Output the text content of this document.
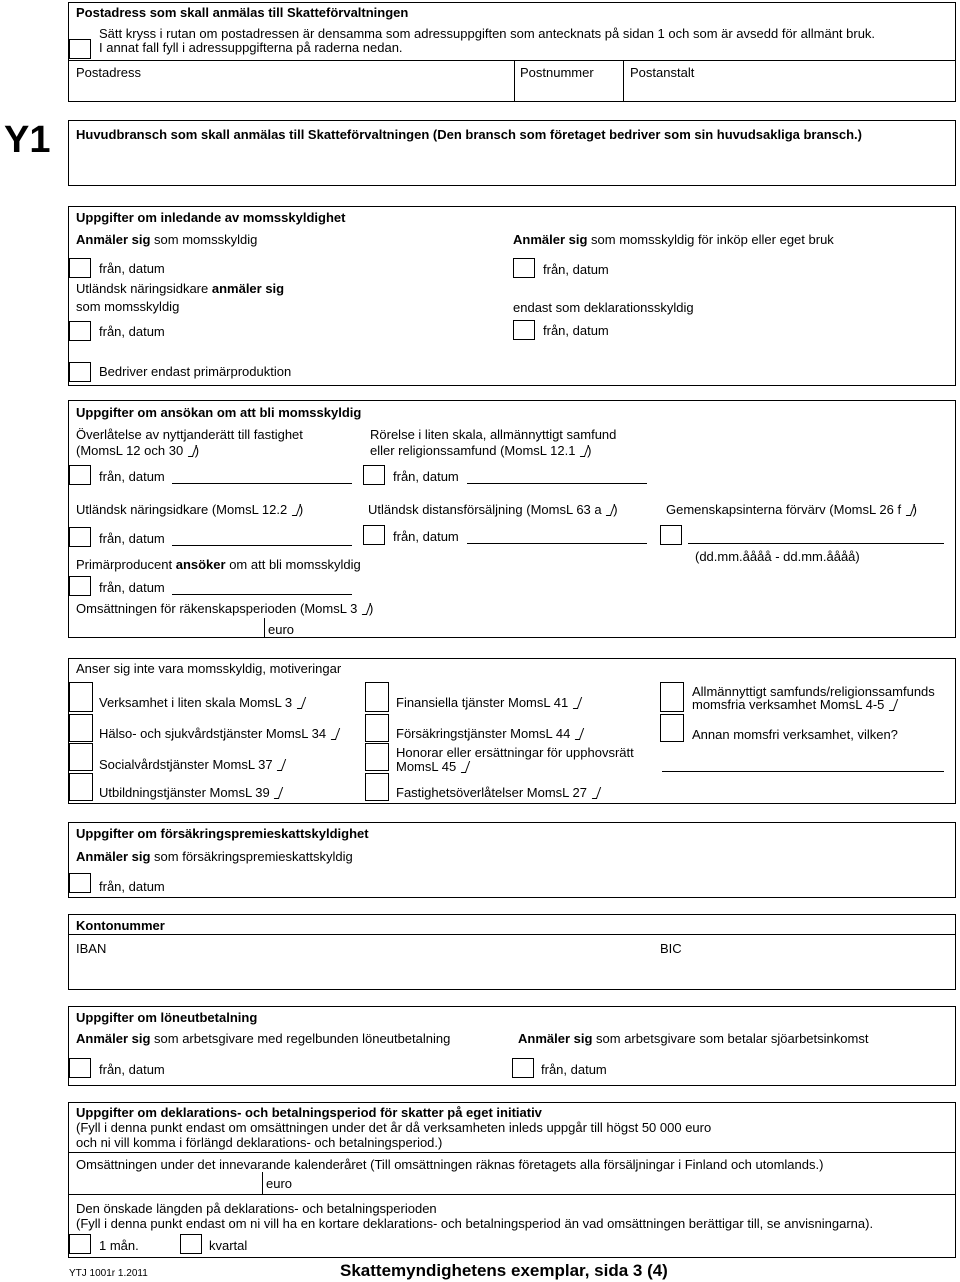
Postadress som skall anmälas till Skatteförvaltningen
Sätt kryss i rutan om postadressen är densamma som adressuppgiften som antecknats på sidan 1 och som är avsedd för allmänt bruk.
I annat fall fyll i adressuppgifterna på raderna nedan.
Postadress	Postnummer	Postanstalt
Y1 Huvudbransch som skall anmälas till Skatteförvaltningen (Den bransch som företaget bedriver som sin huvudsakliga bransch.)
Uppgifter om inledande av momsskyldighet
Anmäler sig som momsskyldig	Anmäler sig som momsskyldig för inköp eller eget bruk
från, datum	från, datum
Utländsk näringsidkare anmäler sig
som momsskyldig	endast som deklarationsskyldig
från, datum	från, datum
Bedriver endast primärproduktion
Uppgifter om ansökan om att bli momsskyldig
Överlåtelse av nyttjanderätt till fastighet
(MomsL 12 och 30 )
Rörelse i liten skala, allmännyttigt samfund
eller religionssamfund (MomsL 12.1 )
från, datum	från, datum
Utländsk näringsidkare (MomsL 12.2 )	Utländsk distansförsäljning (MomsL 63 a )	Gemenskapsinterna förvärv (MomsL 26 f )
från, datum	från, datum
(dd.mm.åååå - dd.mm.åååå)
Primärproducent ansöker om att bli momsskyldig
från, datum
Omsättningen för räkenskapsperioden (MomsL 3 )
euro
Anser sig inte vara momsskyldig, motiveringar
Verksamhet i liten skala MomsL 3
Hälso- och sjukvårdstjänster MomsL 34
Socialvårdstjänster MomsL 37
Utbildningstjänster MomsL 39
Finansiella tjänster MomsL 41
Försäkringstjänster MomsL 44
Honorar eller ersättningar för upphovsrätt
MomsL 45
Fastighetsöverlåtelser MomsL 27
Allmännyttigt samfunds/religionssamfunds
momsfria verksamhet MomsL 4-5
Annan momsfri verksamhet, vilken?
Uppgifter om försäkringspremieskattskyldighet
Anmäler sig som försäkringspremieskattskyldig
från, datum
Kontonummer
IBAN	BIC
Uppgifter om löneutbetalning
Anmäler sig som arbetsgivare med regelbunden löneutbetalning	Anmäler sig som arbetsgivare som betalar sjöarbetsinkomst
från, datum	från, datum
Uppgifter om deklarations- och betalningsperiod för skatter på eget initiativ
(Fyll i denna punkt endast om omsättningen under det år då verksamheten inleds uppgår till högst 50 000 euro
och ni vill komma i förlängd deklarations- och betalningsperiod.)
Omsättningen under det innevarande kalenderåret (Till omsättningen räknas företagets alla försäljningar i Finland och utomlands.)
euro
Den önskade längden på deklarations- och betalningsperioden
(Fyll i denna punkt endast om ni vill ha en kortare deklarations- och betalningsperiod än vad omsättningen berättigar till, se anvisningarna).
1 mån.	kvartal
YTJ 1001r 1.2011	Skattemyndighetens exemplar, sida 3 (4)
